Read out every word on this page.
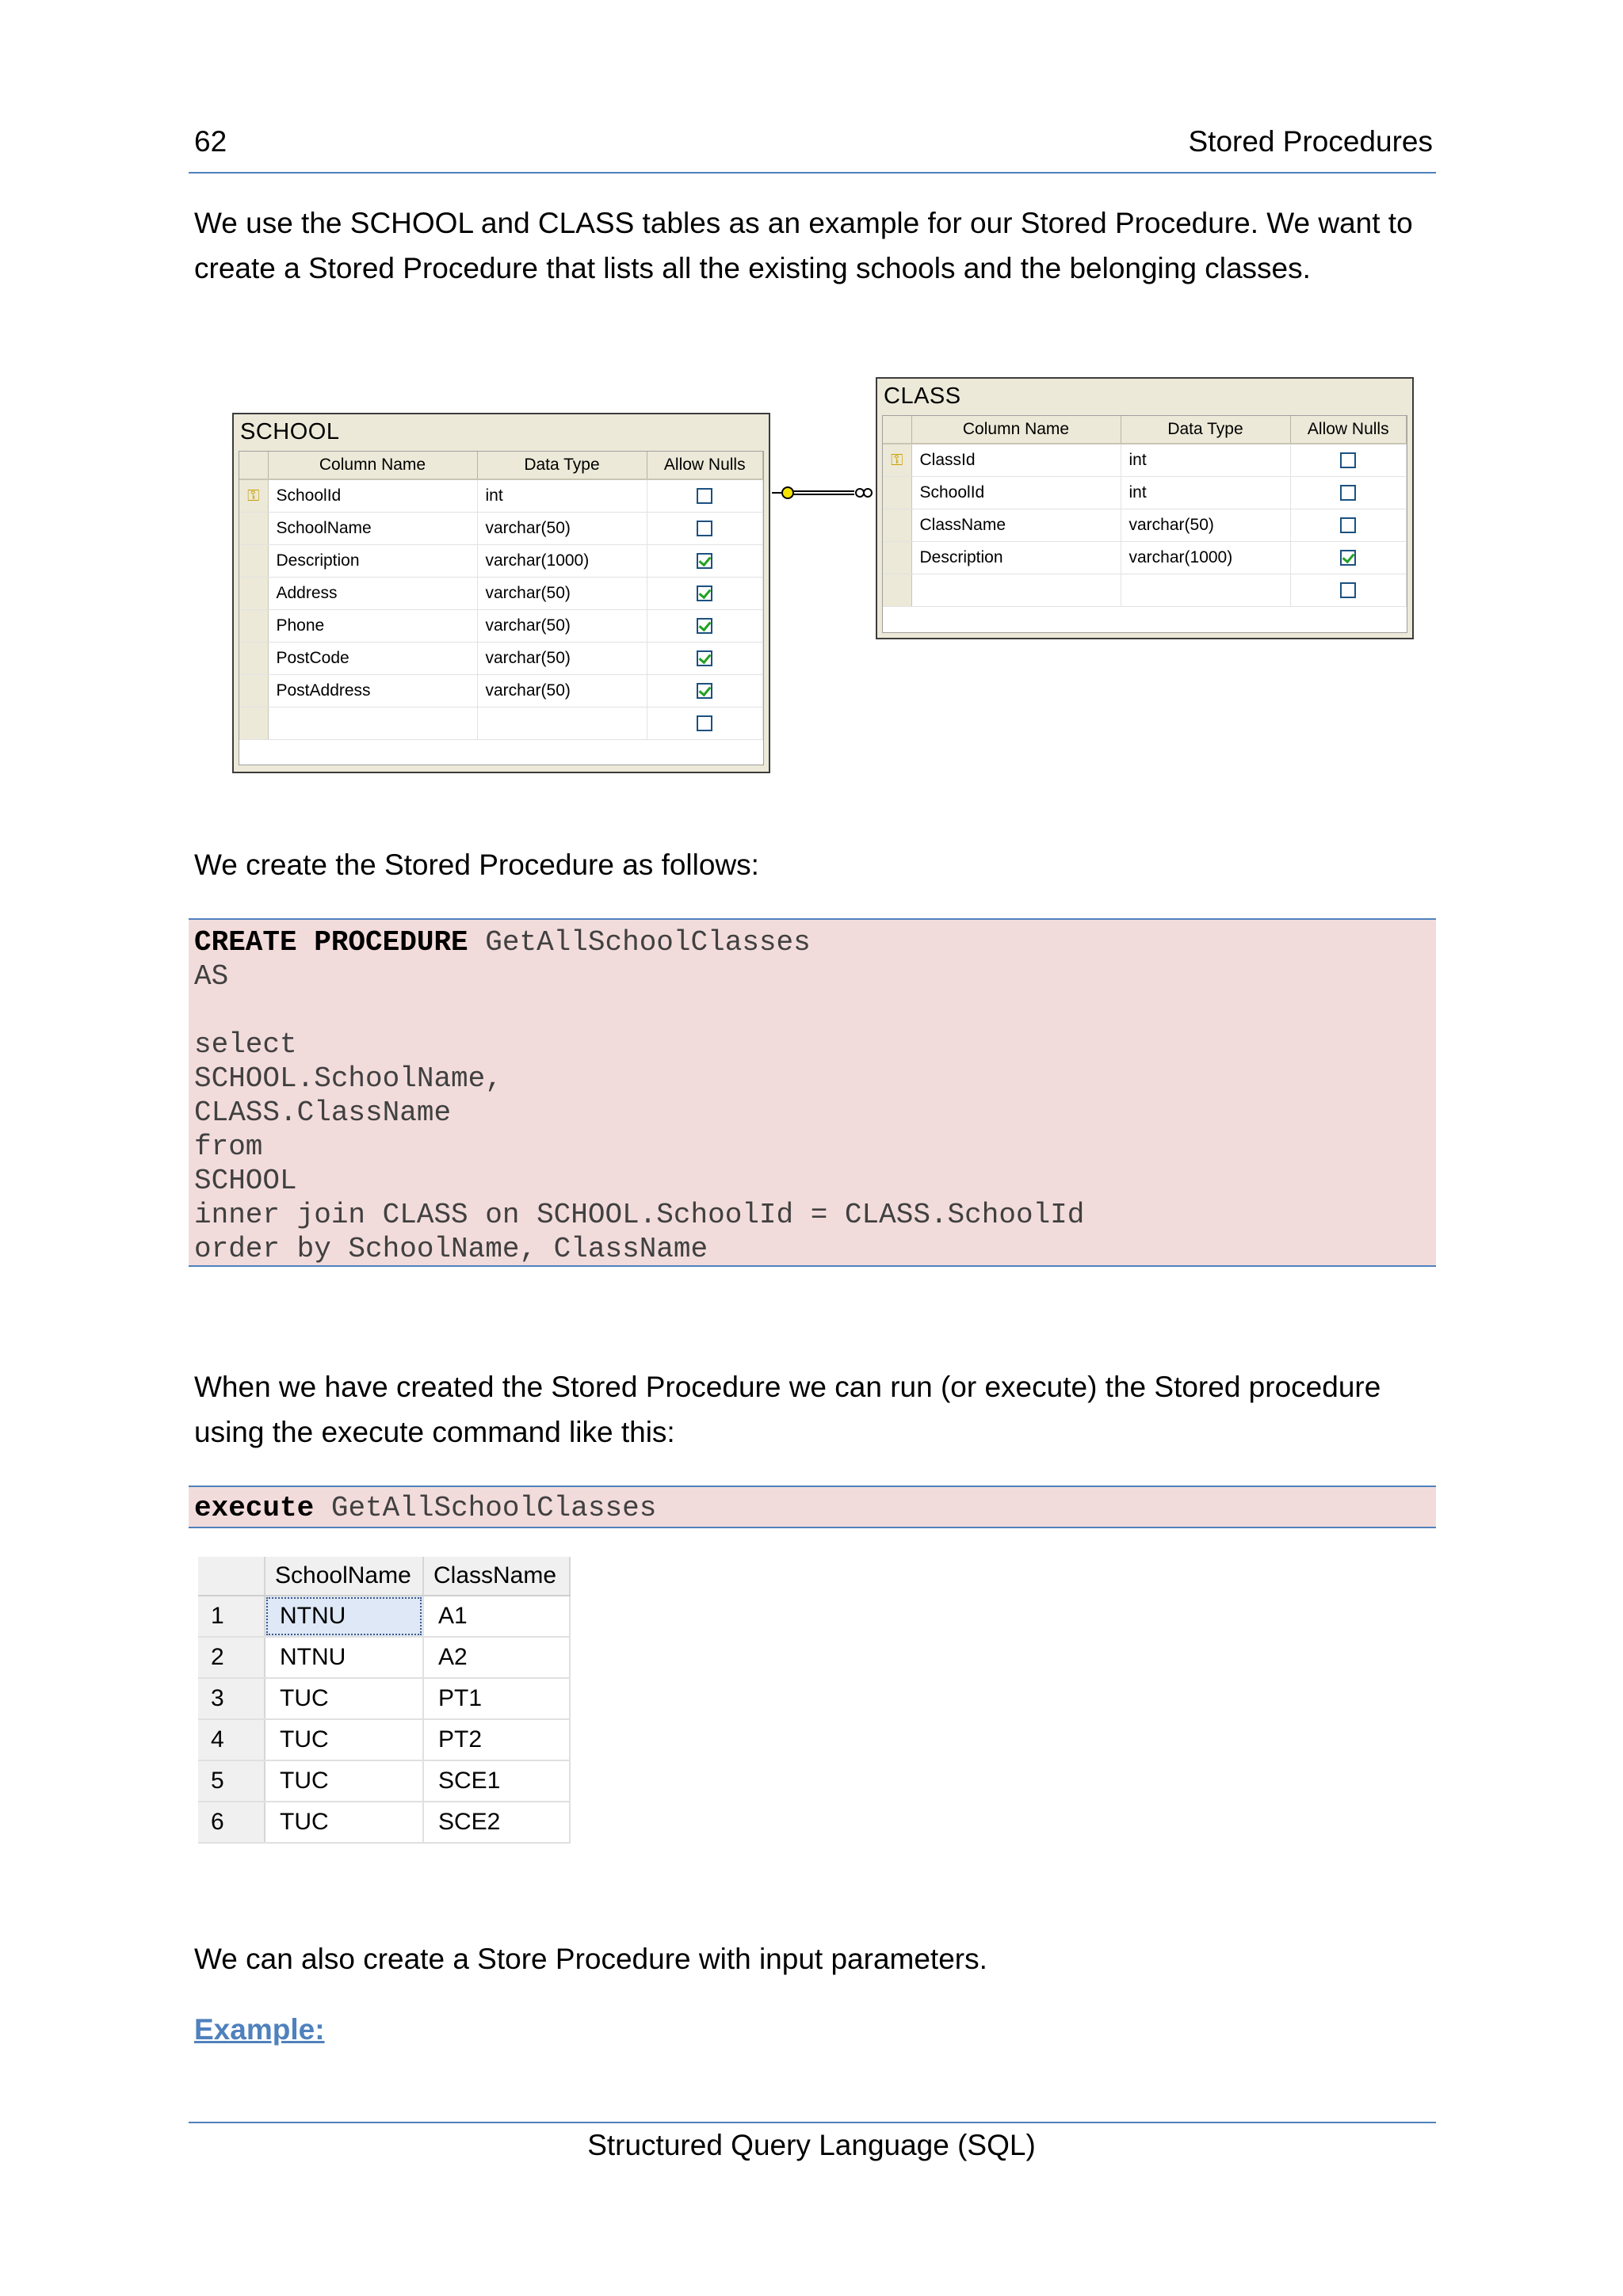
62	Stored Procedures
We use the SCHOOL and CLASS tables as an example for our Stored Procedure. We want to create a Stored Procedure that lists all the existing schools and the belonging classes.
SCHOOL
	Column Name	Data Type	Allow Nulls
⚿	SchoolId	int	
	SchoolName	varchar(50)	
	Description	varchar(1000)	
	Address	varchar(50)	
	Phone	varchar(50)	
	PostCode	varchar(50)	
	PostAddress	varchar(50)	

CLASS
	Column Name	Data Type	Allow Nulls
⚿	ClassId	int	
	SchoolId	int	
	ClassName	varchar(50)	
	Description	varchar(1000)	

We create the Stored Procedure as follows:
CREATE PROCEDURE GetAllSchoolClasses
AS

select
SCHOOL.SchoolName,
CLASS.ClassName
from
SCHOOL
inner join CLASS on SCHOOL.SchoolId = CLASS.SchoolId
order by SchoolName, ClassName
When we have created the Stored Procedure we can run (or execute) the Stored procedure using the execute command like this:
execute GetAllSchoolClasses
	SchoolName	ClassName
1	NTNU	A1
2	NTNU	A2
3	TUC	PT1
4	TUC	PT2
5	TUC	SCE1
6	TUC	SCE2
We can also create a Store Procedure with input parameters.
Example:
Structured Query Language (SQL)
